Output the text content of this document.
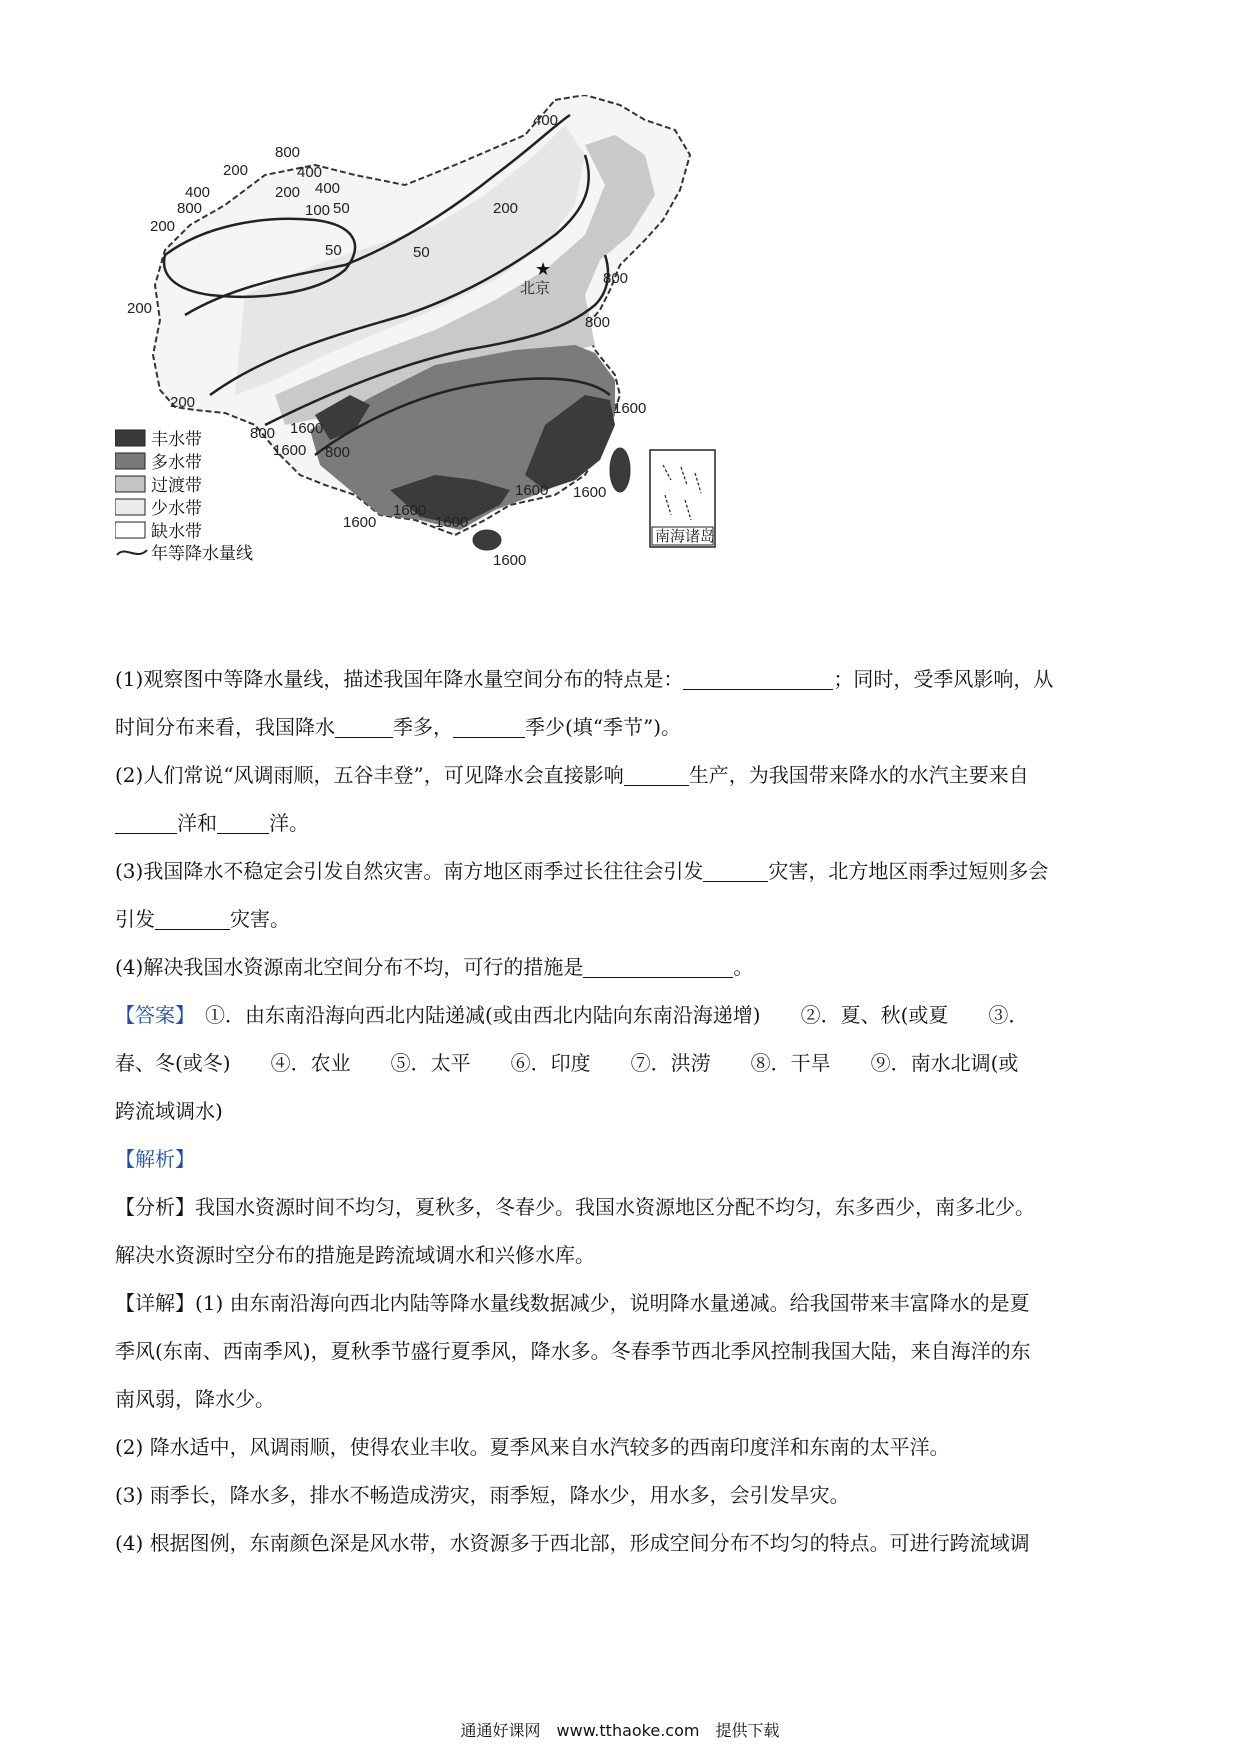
★
北京
800
400
200
400	200
100
400
800	50
200
50
400
200
50
200
200
800
800
800
1600
1600 800
1600
1600
1600
1600
1600
1600
1600
南海诸岛
丰水带
多水带
过渡带
少水带
缺水带
年等降水量线
(1)观察图中等降水量线，描述我国年降水量空间分布的特点是：	；同时，受季风影响，从
时间分布来看，我国降水	季多，	季少(填“季节”)。
(2)人们常说“风调雨顺，五谷丰登”，可见降水会直接影响	生产，为我国带来降水的水汽主要来自
洋和	洋。
(3)我国降水不稳定会引发自然灾害。南方地区雨季过长往往会引发	灾害，北方地区雨季过短则多会
引发	灾害。
(4)解决我国水资源南北空间分布不均，可行的措施是	。
【答案】　 ①．由东南沿海向西北内陆递减(或由西北内陆向东南沿海递增)　　②．夏、秋(或夏　　③．
春、冬(或冬)　　④．农业　　⑤．太平　　⑥．印度　　⑦．洪涝　　⑧．干旱　　⑨．南水北调(或
跨流域调水)
【解析】
【分析】我国水资源时间不均匀，夏秋多，冬春少。我国水资源地区分配不均匀，东多西少，南多北少。
解决水资源时空分布的措施是跨流域调水和兴修水库。
【详解】(1) 由东南沿海向西北内陆等降水量线数据减少，说明降水量递减。给我国带来丰富降水的是夏
季风(东南、西南季风)，夏秋季节盛行夏季风，降水多。冬春季节西北季风控制我国大陆，来自海洋的东
南风弱，降水少。
(2) 降水适中，风调雨顺，使得农业丰收。夏季风来自水汽较多的西南印度洋和东南的太平洋。
(3) 雨季长，降水多，排水不畅造成涝灾，雨季短，降水少，用水多，会引发旱灾。
(4) 根据图例，东南颜色深是风水带，水资源多于西北部，形成空间分布不均匀的特点。可进行跨流域调
通通好课网　www.tthaoke.com　提供下载
